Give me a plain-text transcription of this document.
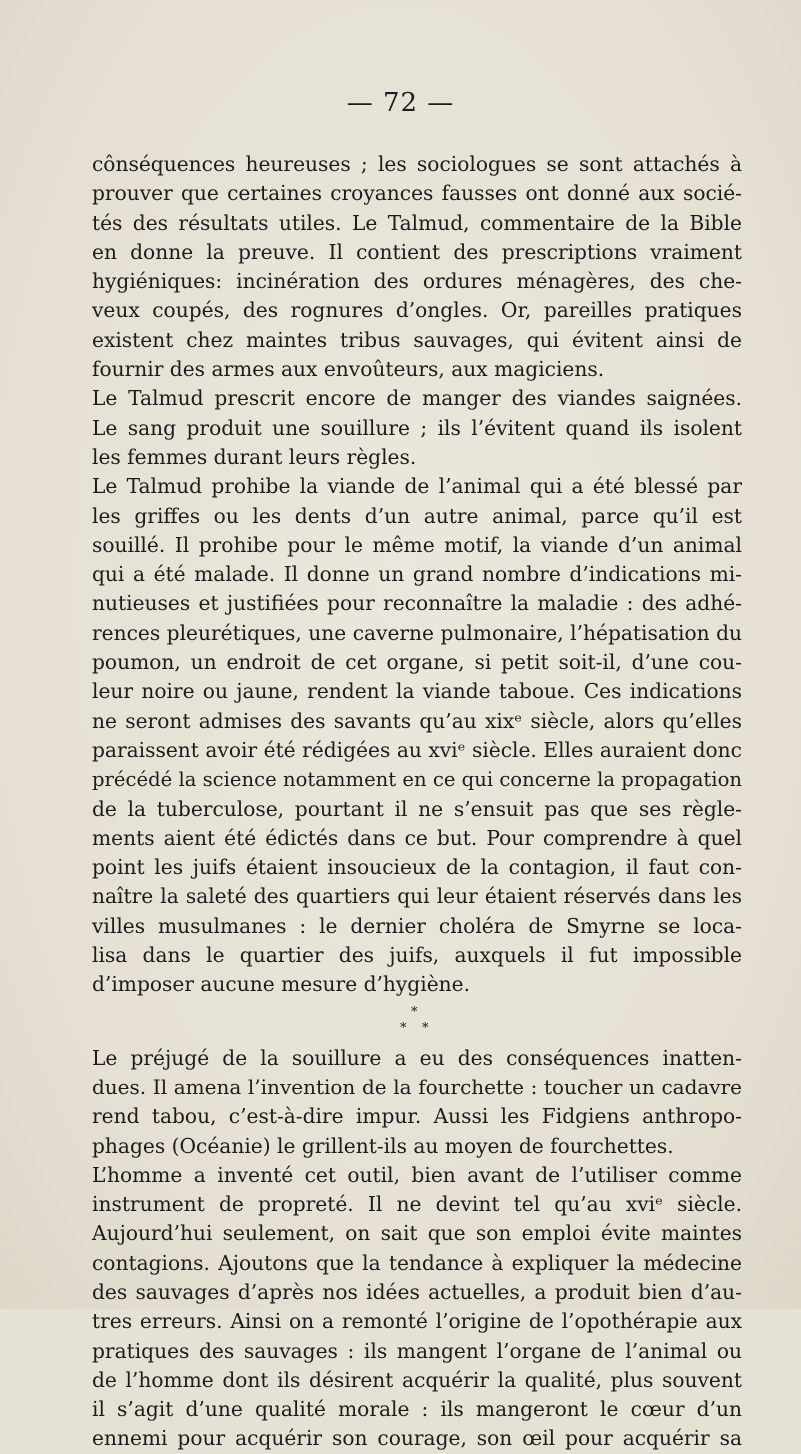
— 72 —
cônséquences heureuses ; les sociologues se sont attachés à
prouver que certaines croyances fausses ont donné aux socié-
tés des résultats utiles. Le Talmud, commentaire de la Bible
en donne la preuve. Il contient des prescriptions vraiment
hygiéniques: incinération des ordures ménagères, des che-
veux coupés, des rognures d’ongles. Or, pareilles pratiques
existent chez maintes tribus sauvages, qui évitent ainsi de
fournir des armes aux envoûteurs, aux magiciens.
Le Talmud prescrit encore de manger des viandes saignées.
Le sang produit une souillure ; ils l’évitent quand ils isolent
les femmes durant leurs règles.
Le Talmud prohibe la viande de l’animal qui a été blessé par
les griffes ou les dents d’un autre animal, parce qu’il est
souillé. Il prohibe pour le même motif, la viande d’un animal
qui a été malade. Il donne un grand nombre d’indications mi-
nutieuses et justifiées pour reconnaître la maladie : des adhé-
rences pleurétiques, une caverne pulmonaire, l’hépatisation du
poumon, un endroit de cet organe, si petit soit-il, d’une cou-
leur noire ou jaune, rendent la viande taboue. Ces indications
ne seront admises des savants qu’au xixᵉ siècle, alors qu’elles
paraissent avoir été rédigées au xviᵉ siècle. Elles auraient donc
précédé la science notamment en ce qui concerne la propagation
de la tuberculose, pourtant il ne s’ensuit pas que ses règle-
ments aient été édictés dans ce but. Pour comprendre à quel
point les juifs étaient insoucieux de la contagion, il faut con-
naître la saleté des quartiers qui leur étaient réservés dans les
villes musulmanes : le dernier choléra de Smyrne se loca-
lisa dans le quartier des juifs, auxquels il fut impossible
d’imposer aucune mesure d’hygiène.
*
* *
Le préjugé de la souillure a eu des conséquences inatten-
dues. Il amena l’invention de la fourchette : toucher un cadavre
rend tabou, c’est-à-dire impur. Aussi les Fidgiens anthropo-
phages (Océanie) le grillent-ils au moyen de fourchettes.
L’homme a inventé cet outil, bien avant de l’utiliser comme
instrument de propreté. Il ne devint tel qu’au xviᵉ siècle.
Aujourd’hui seulement, on sait que son emploi évite maintes
contagions. Ajoutons que la tendance à expliquer la médecine
des sauvages d’après nos idées actuelles, a produit bien d’au-
tres erreurs. Ainsi on a remonté l’origine de l’opothérapie aux
pratiques des sauvages : ils mangent l’organe de l’animal ou
de l’homme dont ils désirent acquérir la qualité, plus souvent
il s’agit d’une qualité morale : ils mangeront le cœur d’un
ennemi pour acquérir son courage, son œil pour acquérir sa
